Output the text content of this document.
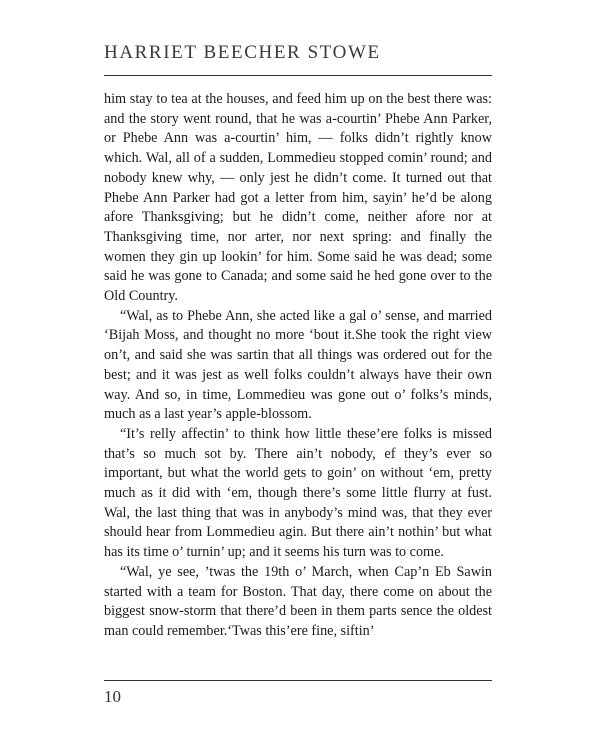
HARRIET BEECHER STOWE

him stay to tea at the houses, and feed him up on the best there was: and the story went round, that he was a-courtin’ Phebe Ann Parker, or Phebe Ann was a-courtin’ him, — folks didn’t rightly know which. Wal, all of a sudden, Lommedieu stopped comin’ round; and nobody knew why, — only jest he didn’t come. It turned out that Phebe Ann Parker had got a letter from him, sayin’ he’d be along afore Thanksgiving; but he didn’t come, neither afore nor at Thanksgiving time, nor arter, nor next spring: and finally the women they gin up lookin’ for him. Some said he was dead; some said he was gone to Canada; and some said he hed gone over to the Old Country.

“Wal, as to Phebe Ann, she acted like a gal o’ sense, and married ‘Bijah Moss, and thought no more ‘bout it.She took the right view on’t, and said she was sartin that all things was ordered out for the best; and it was jest as well folks couldn’t always have their own way. And so, in time, Lommedieu was gone out o’ folks’s minds, much as a last year’s apple-blossom.

“It’s relly affectin’ to think how little these’ere folks is missed that’s so much sot by. There ain’t nobody, ef they’s ever so important, but what the world gets to goin’ on without ‘em, pretty much as it did with ‘em, though there’s some little flurry at fust. Wal, the last thing that was in anybody’s mind was, that they ever should hear from Lommedieu agin. But there ain’t nothin’ but what has its time o’ turnin’ up; and it seems his turn was to come.

“Wal, ye see, ’twas the 19th o’ March, when Cap’n Eb Sawin started with a team for Boston. That day, there come on about the biggest snow-storm that there’d been in them parts sence the oldest man could remember.‘Twas this’ere fine, siftin’

10
